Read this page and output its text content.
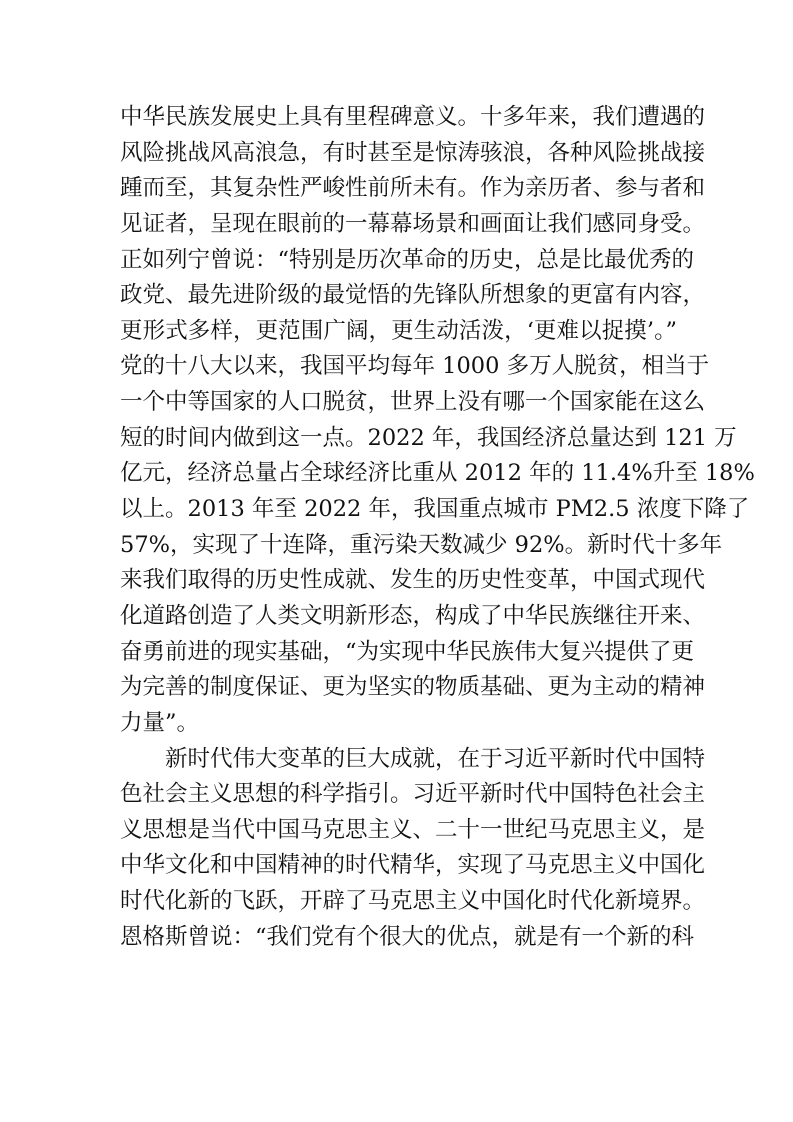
中华民族发展史上具有里程碑意义。十多年来，我们遭遇的
风险挑战风高浪急，有时甚至是惊涛骇浪，各种风险挑战接
踵而至，其复杂性严峻性前所未有。作为亲历者、参与者和
见证者，呈现在眼前的一幕幕场景和画面让我们感同身受。
正如列宁曾说：“特别是历次革命的历史，总是比最优秀的
政党、最先进阶级的最觉悟的先锋队所想象的更富有内容，
更形式多样，更范围广阔，更生动活泼，‘更难以捉摸’。”
党的十八大以来，我国平均每年 1000 多万人脱贫，相当于
一个中等国家的人口脱贫，世界上没有哪一个国家能在这么
短的时间内做到这一点。2022 年，我国经济总量达到 121 万
亿元，经济总量占全球经济比重从 2012 年的 11.4%升至 18%
以上。2013 年至 2022 年，我国重点城市 PM2.5 浓度下降了
57%，实现了十连降，重污染天数减少 92%。新时代十多年
来我们取得的历史性成就、发生的历史性变革，中国式现代
化道路创造了人类文明新形态，构成了中华民族继往开来、
奋勇前进的现实基础，“为实现中华民族伟大复兴提供了更
为完善的制度保证、更为坚实的物质基础、更为主动的精神
力量”。
新时代伟大变革的巨大成就，在于习近平新时代中国特
色社会主义思想的科学指引。习近平新时代中国特色社会主
义思想是当代中国马克思主义、二十一世纪马克思主义，是
中华文化和中国精神的时代精华，实现了马克思主义中国化
时代化新的飞跃，开辟了马克思主义中国化时代化新境界。
恩格斯曾说：“我们党有个很大的优点，就是有一个新的科
